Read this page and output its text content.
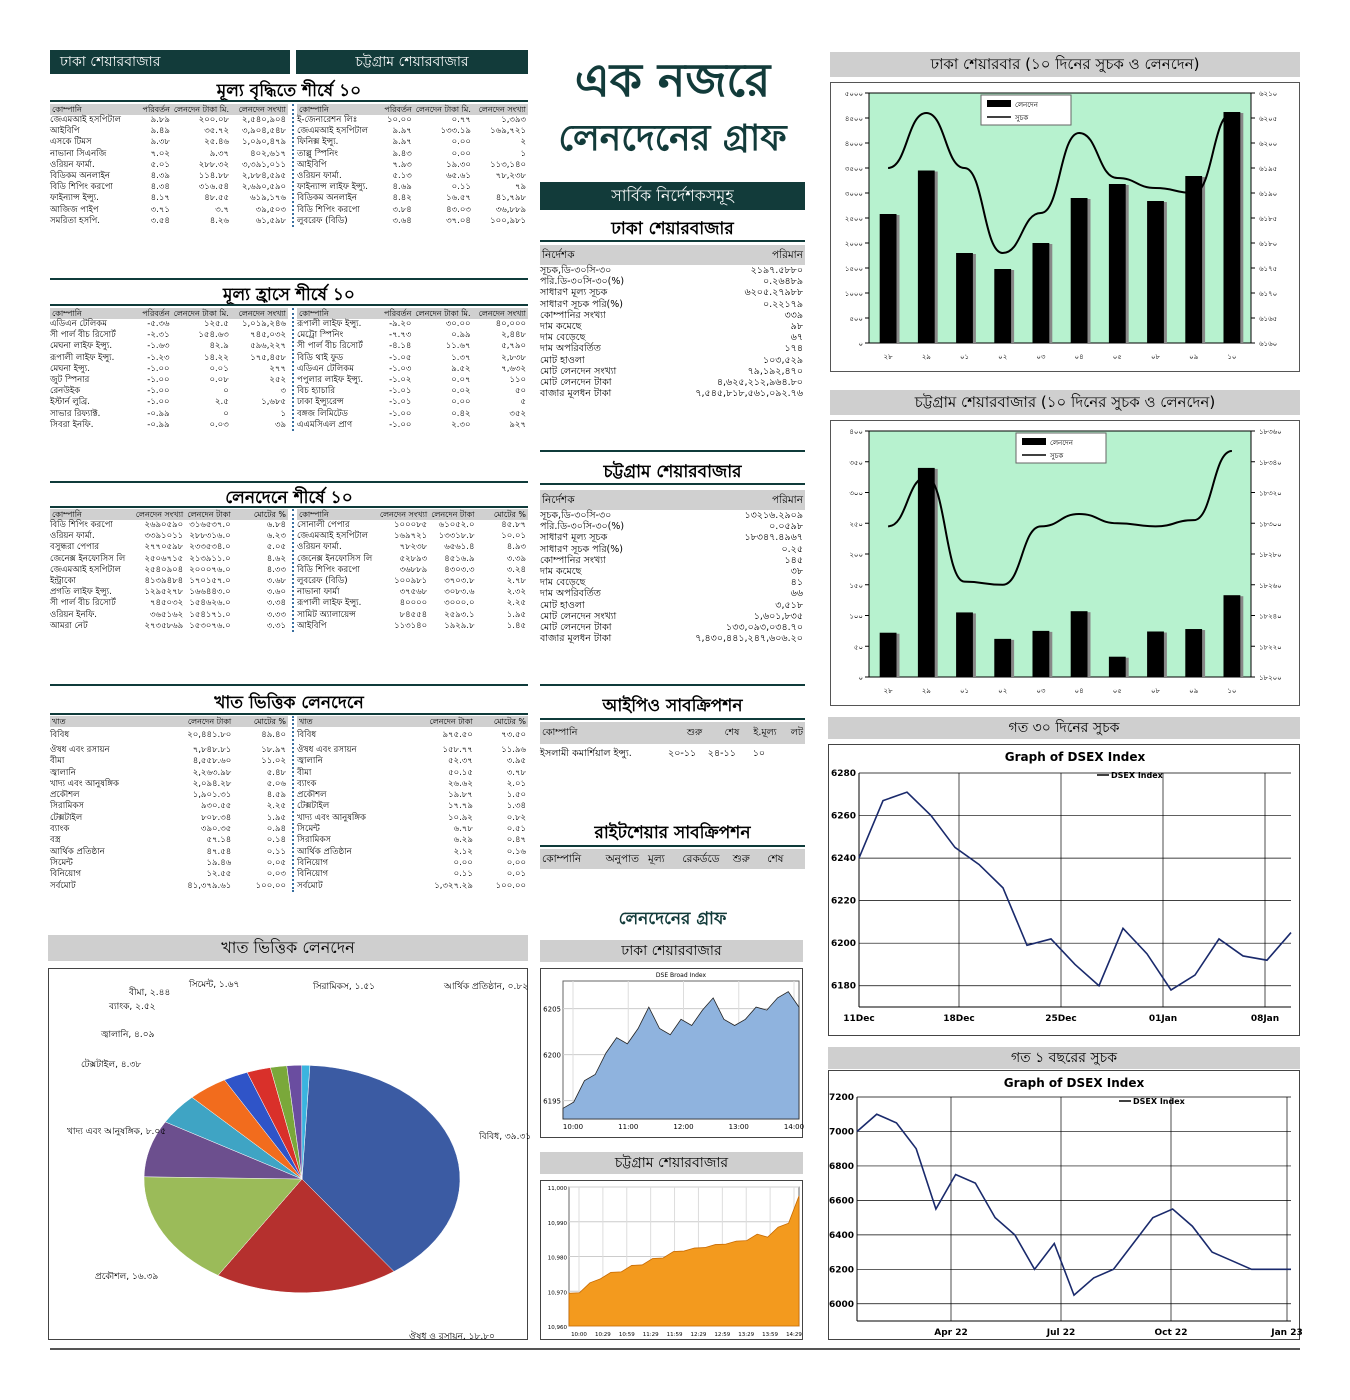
ঢাকা শেয়ারবাজার	চট্টগ্রাম শেয়ারবাজার
মূল্য বৃদ্ধিতে শীর্ষে ১০
কোম্পানি	পরিবর্তন	লেনদেন টাকা মি.	লেনদেন সংখ্যা
জেএমআই হসপিটাল	৯.৮৯	২০০.০৮	২,৫৪০,৯০৪
আইবিপি	৯.৪৯	৩৫.৭২	৩,৯০৪,৫৪৮
এসকে টিমস	৯.৩৮	২৫.৪৬	১,০৯০,৪৭৯
নাভানা সিএনজি	৭.০২	৯.৩৭	৪০২,৬১৭
ওরিয়ন ফার্মা.	৫.০১	২৮৮.৩২	৩,৩৯১,০১১
বিডিকম অনলাইন	৪.৩৯	১১৪.৮৮	২,৮৮৪,৫৯৫
বিডি শিপিং করপো	৪.৩৪	৩১৬.৫৪	২,৬৯০,৫৯০
ফাইন্যান্স ইন্স্যু.	৪.১৭	৪৮.৫৫	৬১৯,১৭৬
আজিজ পাইপ	৩.৭১	৩.৭	৩৯,৫০৩
সমরিতা হসপি.	৩.৫৪	৪.২৬	৬১,৫৯৮
কোম্পানি	পরিবর্তন	লেনদেন টাকা মি.	লেনদেন সংখ্যা
ই-জেনারেশন লিঃ	১০.০০	০.৭৭	১,৩৯৩
জেএমআই হসপিটাল	৯.৯৭	১৩৩.১৯	১৬৯,৭২১
ফিনিক্স ইন্স্যু.	৯.৯৭	০.০০	২
তাল্লু স্পিনিং	৯.৪৩	০.০০	১
আইবিপি	৭.৯৩	১৯.৩০	১১৩,১৪০
ওরিয়ন ফার্মা.	৫.১৩	৬৫.৬১	৭৮,২৩৮
ফাইন্যান্স লাইফ ইন্স্যু.	৪.৬৯	০.১১	৭৯
বিডিকম অনলাইন	৪.৪২	১৬.৫৭	৪১,৭৯৮
বিডি শিপিং করপো	৩.৮৪	৪৩.০৩	৩৬,৮৮৯
লুবরেফ (বিডি)	৩.৬৪	৩৭.০৪	১০০,৯৮১
মূল্য হ্রাসে শীর্ষে ১০
কোম্পানি	পরিবর্তন	লেনদেন টাকা মি.	লেনদেন সংখ্যা
এডিএন টেলিকম	-৫.৩৬	১২৫.৫	১,০১৯,২৪৬
সী পার্ল বীচ রিসোর্ট	-২.৩১	১৫৪.৬৩	৭৪৫,০৩২
মেঘনা লাইফ ইন্স্যু.	-১.৬৩	৪২.৯	৫৯৬,২২৭
রূপালী লাইফ ইন্স্যু.	-১.২৩	১৪.২২	১৭৫,৪৫৮
মেঘনা ইন্স্যু.	-১.০০	০.০১	২৭৭
জুট স্পিনার	-১.০০	০.০৮	২৫২
রেনউইক	-১.০০	০	৩
ইস্টার্ন লুব্রি.	-১.০০	২.৫	১,৬৮৫
সাভার রিফ্যাক্ট.	-০.৯৯	০	১
সিবরা ইনফি.	-০.৯৯	০.০৩	৩৯
কোম্পানি	পরিবর্তন	লেনদেন টাকা মি.	লেনদেন সংখ্যা
রূপালী লাইফ ইন্স্যু.	-৯.২০	৩০.০০	৪০,০০০
মেট্রো স্পিনিং	-৭.৭৩	০.৯৯	২,৪৪৮
সী পার্ল বীচ রিসোর্ট	-৪.১৪	১১.৬৭	৫,৭৯০
বিডি থাই ফুড	-১.০৫	১.৩৭	২,৮৩৮
এডিএন টেলিকম	-১.০৩	৯.৫২	৭,৬৩২
পপুলার লাইফ ইন্স্যু.	-১.০২	০.০৭	১১০
বিচ হ্যাচারি	-১.০১	০.০২	৫০
ঢাকা ইন্স্যুরেন্স	-১.০১	০.০০	৫
বঙ্গজ লিমিটেড	-১.০০	০.৪২	৩৫২
এএমসিএল প্রাণ	-১.০০	২.৩০	৯২৭
লেনদেনে শীর্ষে ১০
কোম্পানি	লেনদেন সংখ্যা	লেনদেন টাকা	মোটের %
বিডি শিপিং করপো	২৬৯০৫৯০	৩১৬৫৩৭.০	৬.৮৪
ওরিয়ন ফার্মা.	৩৩৯১০১১	২৮৮৩১৬.০	৬.২৩
বসুন্ধরা পেপার	২৭৭০৫৯৮	২৩৩৫৩৪.০	৫.০৫
জেনেক্স ইনফোসিস লি	২৫০৬৭১৫	২১৩৯১১.০	৪.৬২
জেএমআই হসপিটাল	২৫৪০৯০৪	২০০০৭৬.০	৪.৩৩
ইন্ট্রাকো	৪১৩৯৪৮৪	১৭০১৫৭.০	৩.৬৮
প্রগতি লাইফ ইন্স্যু.	১২৯৫২৭৮	১৬৬৪৪৩.০	৩.৬০
সী পার্ল বীচ রিসোর্ট	৭৪৫০৩২	১৫৪৬২৬.০	৩.৩৪
ওরিয়ন ইনফি.	৩৬৫১৬২	১৫৪১৭১.০	৩.৩৩
আমরা নেট	২৭৩৫৮৬৯	১৫৩০৭৬.০	৩.৩১
কোম্পানি	লেনদেন সংখ্যা	লেনদেন টাকা	মোটের %
সোনালী পেপার	১০০০৮৫	৬১০৫২.০	৪৫.৮৭
জেএমআই হসপিটাল	১৬৯৭২১	১৩৩১৮.৮	১০.০১
ওরিয়ন ফার্মা.	৭৮২৩৮	৬৫৬১.৪	৪.৯৩
জেনেক্স ইনফোসিস লি	৫২৮৯৩	৪৫১৬.৯	৩.৩৯
বিডি শিপিং করপো	৩৬৮৮৯	৪৩০৩.৩	৩.২৪
লুবরেফ (বিডি)	১০০৯৮১	৩৭০৩.৮	২.৭৮
নাভানা ফার্মা	৩৭৫৬৮	৩০৮৩.৬	২.৩২
রূপালী লাইফ ইন্স্যু.	৪০০০০	৩০০০.০	২.২৫
সামিট অ্যালায়েন্স	৮৪৫৫৪	২৫৯৩.১	১.৯৫
আইবিপি	১১৩১৪০	১৯২৯.৮	১.৪৫
খাত ভিত্তিক লেনদেনে
খাত	লেনদেন টাকা	মোটের %
বিবিধ	২০,৪৪১.৮০	৪৯.৪০
ঔষধ এবং রসায়ন	৭,৮৪৮.৮১	১৮.৯৭
বীমা	৪,৫৫৮.৬০	১১.০২
জ্বালানি	২,২৬৩.৯৮	৫.৪৮
খাদ্য এবং আনুষঙ্গিক	২,০৯৪.২৮	৫.০৬
প্রকৌশল	১,৯০১.৩১	৪.৫৯
সিরামিকস	৯৩০.৫৫	২.২৫
টেক্সটাইল	৮০৮.৩৪	১.৯৫
ব্যাংক	৩৯০.৩৫	০.৯৪
বস্ত্র	৫৭.১৪	০.১৪
আর্থিক প্রতিষ্ঠান	৪৭.৫৪	০.১১
সিমেন্ট	১৯.৪৬	০.০৫
বিনিয়োগ	১২.৫৫	০.০৩
সর্বমোট	৪১,৩৭৯.৬১	১০০.০০
খাত	লেনদেন টাকা	মোটের %
বিবিধ	৯৭৫.৫০	৭৩.৫০
ঔষধ এবং রসায়ন	১৫৮.৭৭	১১.৯৬
জ্বালানি	৫২.৩৭	৩.৯৫
বীমা	৫০.১৫	৩.৭৮
ব্যাংক	২৬.৬২	২.০১
প্রকৌশল	১৯.৮৭	১.৫০
টেক্সটাইল	১৭.৭৯	১.৩৪
খাদ্য এবং আনুষঙ্গিক	১০.৯২	০.৮২
সিমেন্ট	৬.৭৮	০.৫১
সিরামিকস	৬.২৯	০.৪৭
আর্থিক প্রতিষ্ঠান	২.১২	০.১৬
বিনিয়োগ	০.০০	০.০০
বিনিয়োগ	০.১১	০.০১
সর্বমোট	১,৩২৭.২৯	১০০.০০
খাত ভিত্তিক লেনদেন
বিবিধ, ৩৯.৩১
ঔষধ ও রসায়ন, ১৮.৮০
প্রকৌশল, ১৬.৩৯
খাদ্য এবং আনুষঙ্গিক, ৮.০৫
টেক্সটাইল, ৪.৩৮
জ্বালানি, ৪.০৯
ব্যাংক, ২.৫২
বীমা, ২.৪৪
সিমেন্ট, ১.৬৭	সিরামিকস, ১.৫১	আর্থিক প্রতিষ্ঠান, ০.৮২
এক নজরে
লেনদেনের গ্রাফ
সার্বিক নির্দেশকসমূহ
ঢাকা শেয়ারবাজার
নির্দেশক	পরিমান
সূচক,ডি-৩০সি-৩০	২১৯৭.৫৮৮০
পরি.ডি-৩০সি-৩০(%)	০.২৬৪৮৯
সাধারণ মূল্য সূচক	৬২০৫.২৭৯৮৮
সাধারণ সূচক পরি(%)	০.২২১৭৯
কোম্পানির সংখ্যা	৩৩৯
দাম কমেছে	৯৮
দাম বেড়েছে	৬৭
দাম অপরিবর্তিত	১৭৪
মোট হাওলা	১০৩,৫২৯
মোট লেনদেন সংখ্যা	৭৯,১৯২,৪৭০
মোট লেনদেন টাকা	৪,৬২৫,২১২,৯৬৪.৮০
বাজার মূলধন টাকা	৭,৫৪৫,৮১৮,৫৬১,০৯২.৭৬
চট্টগ্রাম শেয়ারবাজার
নির্দেশক	পরিমান
সূচক,ডি-৩০সি-৩০	১৩২১৬.২৯০৯
পরি.ডি-৩০সি-৩০(%)	০.০৫৯৮
সাধারণ মূল্য সূচক	১৮৩৪৭.৪৯৬৭
সাধারণ সূচক পরি(%)	০.২৫
কোম্পানির সংখ্যা	১৪৫
দাম কমেছে	৩৮
দাম বেড়েছে	৪১
দাম অপরিবর্তিত	৬৬
মোট হাওলা	৩,৫১৮
মোট লেনদেন সংখ্যা	১,৬০১,৮৩৫
মোট লেনদেন টাকা	১৩৩,০৯৩,০৩৪.৭০
বাজার মূলধন টাকা	৭,৪৩০,৪৪১,২৪৭,৬০৬.২০
আইপিও সাবক্রিপশন
কোম্পানি	শুরু	শেষ	ই.মূল্য	লট
ইসলামী কমার্শিয়াল ইন্স্যু.	২০-১১	২৪-১১	১০	
রাইটশেয়ার সাবক্রিপশন
কোম্পানি	অনুপাত	মূল্য	রেকর্ডডে	শুরু	শেষ
লেনদেনের গ্রাফ
ঢাকা শেয়ারবাজার
DSE Broad Index
6195
6200
6205
10:00	11:00	12:00	13:00	14:00
চট্টগ্রাম শেয়ারবাজার
10,960
10,970
10,980
10,990
11,000
10:00 10:29 10:59 11:29 11:59 12:29 12:59 13:29 13:59 14:29
ঢাকা শেয়ারবার (১০ দিনের সুচক ও লেনদেন)
০
৫০০
১০০০
১৫০০
২০০০
২৫০০
৩০০০
৩৫০০
৪০০০
৪৫০০
৫০০০
৬১৬০
৬১৬৫
৬১৭০
৬১৭৫
৬১৮০
৬১৮৫
৬১৯০
৬১৯৫
৬২০০
৬২০৫
৬২১০
২৮	২৯	০১	০২	০৩	০৪	০৫	০৮	০৯	১০
লেনদেন
সুচক
চট্টগ্রাম শেয়ারবাজার (১০ দিনের সুচক ও লেনদেন)
০
৫০
১০০
১৫০
২০০
২৫০
৩০০
৩৫০
৪০০
১৮২০০
১৮২২০
১৮২৪০
১৮২৬০
১৮২৮০
১৮৩০০
১৮৩২০
১৮৩৪০
১৮৩৬০
২৮	২৯	০১	০২	০৩	০৪	০৫	০৮	০৯	১০
লেনদেন
সুচক
গত ৩০ দিনের সুচক
Graph of DSEX Index
6180
6200
6220
6240
6260
6280
11Dec	18Dec	25Dec	01Jan	08Jan
DSEX Index
গত ১ বছরের সুচক
Graph of DSEX Index
6000
6200
6400
6600
6800
7000
7200
Apr 22	Jul 22	Oct 22	Jan 23
DSEX Index
